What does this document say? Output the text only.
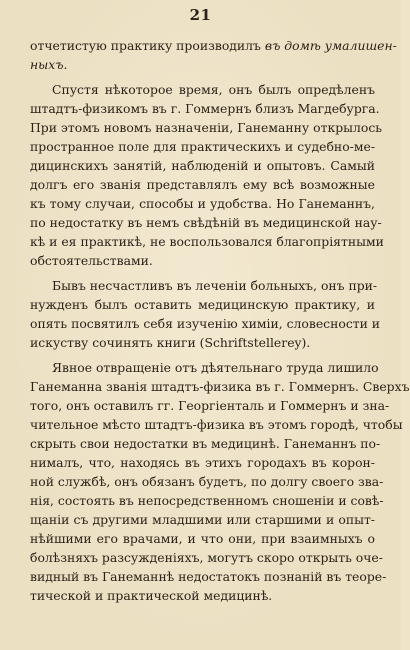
21
отчетистую практику производилъ въ домѣ умалишен-
ныхъ.
Спустя нѣкоторое время, онъ былъ опредѣленъ
штадтъ-физикомъ въ г. Гоммернъ близъ Магдебурга.
При этомъ новомъ назначеніи, Ганеманну открылось
пространное поле для практическихъ и судебно-ме-
дицинскихъ занятій, наблюденій и опытовъ. Самый
долгъ его званія представлялъ ему всѣ возможные
къ тому случаи, способы и удобства. Но Ганеманнъ,
по недостатку въ немъ свѣдѣній въ медицинской нау-
кѣ и ея практикѣ, не воспользовался благопріятными
обстоятельствами.
Бывъ несчастливъ въ леченіи больныхъ, онъ при-
нужденъ былъ оставить медицинскую практику, и
опять посвятилъ себя изученію химіи, словесности и
искуству сочинять книги (Schriftstellerey).
Явное отвращеніе отъ дѣятельнаго труда лишило
Ганеманна званія штадтъ-физика въ г. Гоммернъ. Сверхъ
того, онъ оставилъ гг. Георгіенталь и Гоммернъ и зна-
чительное мѣсто штадтъ-физика въ этомъ городѣ, чтобы
скрыть свои недостатки въ медицинѣ. Ганеманнъ по-
нималъ, что, находясь въ этихъ городахъ въ корон-
ной службѣ, онъ обязанъ будетъ, по долгу своего зва-
нія, состоять въ непосредственномъ сношеніи и совѣ-
щаніи съ другими младшими или старшими и опыт-
нѣйшими его врачами, и что они, при взаимныхъ о
болѣзняхъ разсужденіяхъ, могутъ скоро открыть оче-
видный въ Ганеманнѣ недостатокъ познаній въ теоре-
тической и практической медицинѣ.
